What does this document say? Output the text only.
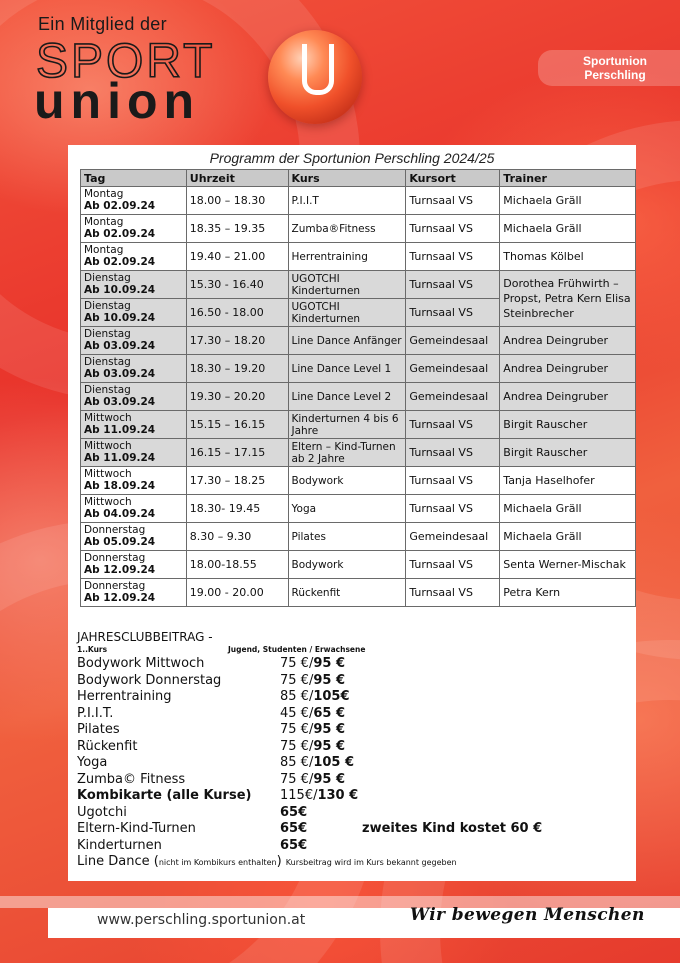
Ein Mitglied der
SPORT
union
Sportunion
Perschling
Programm der Sportunion Perschling 2024/25
Tag	Uhrzeit	Kurs	Kursort	Trainer

Montag
Ab 02.09.24	18.00 – 18.30	P.I.I.T	Turnsaal VS	Michaela Gräll

Montag
Ab 02.09.24	18.35 – 19.35	Zumba®Fitness	Turnsaal VS	Michaela Gräll

Montag
Ab 02.09.24	19.40 – 21.00	Herrentraining	Turnsaal VS	Thomas Kölbel

Dienstag
Ab 10.09.24	15.30 - 16.40	UGOTCHI Kinderturnen	Turnsaal VS	Dorothea Frühwirth – Propst, Petra Kern Elisa Steinbrecher

Dienstag
Ab 10.09.24	16.50 - 18.00	UGOTCHI Kinderturnen	Turnsaal VS	

Dienstag
Ab 03.09.24	17.30 – 18.20	Line Dance Anfänger	Gemeindesaal	Andrea Deingruber

Dienstag
Ab 03.09.24	18.30 – 19.20	Line Dance Level 1	Gemeindesaal	Andrea Deingruber

Dienstag
Ab 03.09.24	19.30 – 20.20	Line Dance Level 2	Gemeindesaal	Andrea Deingruber

Mittwoch
Ab 11.09.24	15.15 – 16.15	Kinderturnen 4 bis 6 Jahre	Turnsaal VS	Birgit Rauscher

Mittwoch
Ab 11.09.24	16.15 – 17.15	Eltern – Kind-Turnen ab 2 Jahre	Turnsaal VS	Birgit Rauscher

Mittwoch
Ab 18.09.24	17.30 – 18.25	Bodywork	Turnsaal VS	Tanja Haselhofer

Mittwoch
Ab 04.09.24	18.30- 19.45	Yoga	Turnsaal VS	Michaela Gräll

Donnerstag
Ab 05.09.24	8.30 – 9.30	Pilates	Gemeindesaal	Michaela Gräll

Donnerstag
Ab 12.09.24	18.00-18.55	Bodywork	Turnsaal VS	Senta Werner-Mischak

Donnerstag
Ab 12.09.24	19.00 - 20.00	Rückenfit	Turnsaal VS	Petra Kern
JAHRESCLUBBEITRAG -
1..Kurs	Jugend, Studenten / Erwachsene
Bodywork Mittwoch	75 €/95 €
Bodywork Donnerstag	75 €/95 €
Herrentraining	85 €/105€
P.I.I.T.	45 €/65 €
Pilates	75 €/95 €
Rückenfit	75 €/95 €
Yoga	85 €/105 €
Zumba© Fitness	75 €/95 €
Kombikarte (alle Kurse) 115€/130 €
Ugotchi	65€
Eltern-Kind-Turnen	65€	zweites Kind kostet 60 €
Kinderturnen	65€
Line Dance (nicht im Kombikurs enthalten) Kursbeitrag wird im Kurs bekannt gegeben
www.perschling.sportunion.at	Wir bewegen Menschen
